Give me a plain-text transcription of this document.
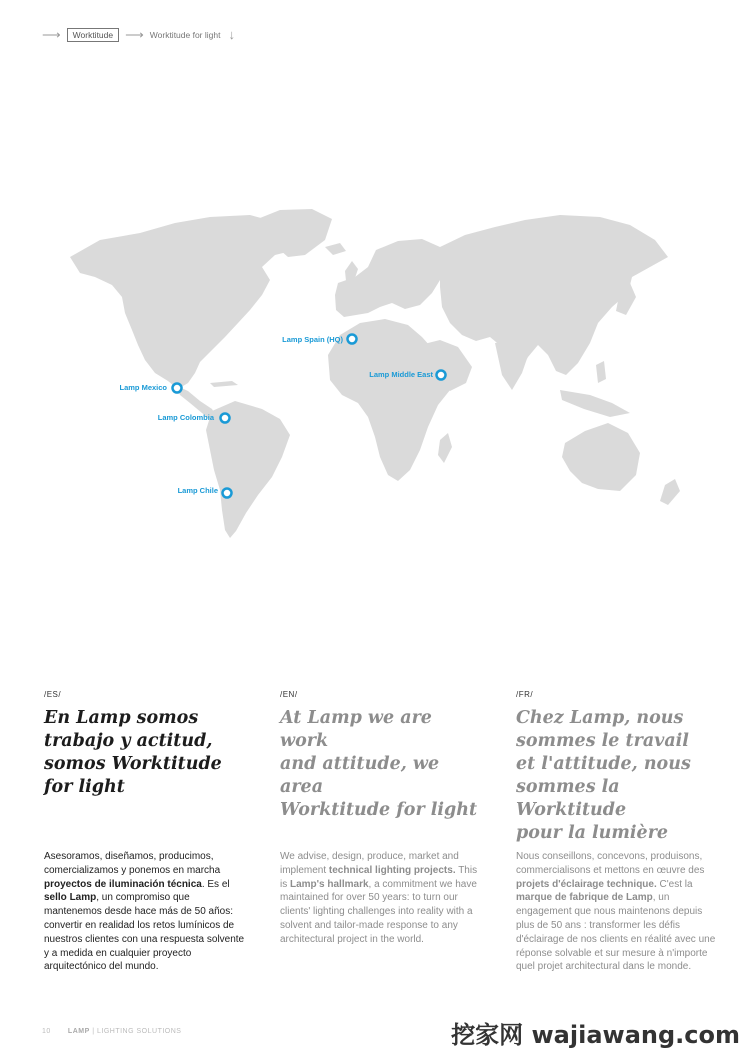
⟶	Worktitude ⟶ Worktitude for light ↓
Lamp Spain (HQ)
Lamp Middle East
Lamp Mexico
Lamp Colombia
Lamp Chile
/ES/
En Lamp somos
trabajo y actitud,
somos Worktitude
for light
Asesoramos, diseñamos, producimos, comercializamos y ponemos en marcha proyectos de iluminación técnica. Es el sello Lamp, un compromiso que mantenemos desde hace más de 50 años: convertir en realidad los retos lumínicos de nuestros clientes con una respuesta solvente y a medida en cualquier proyecto arquitectónico del mundo.
/EN/
At Lamp we are work
and attitude, we area
Worktitude for light
We advise, design, produce, market and implement technical lighting projects. This is Lamp's hallmark, a commitment we have maintained for over 50 years: to turn our clients' lighting challenges into reality with a solvent and tailor-made response to any architectural project in the world.
/FR/
Chez Lamp, nous
sommes le travail
et l'attitude, nous
sommes la Worktitude
pour la lumière
Nous conseillons, concevons, produisons, commercialisons et mettons en œuvre des projets d'éclairage technique. C'est la marque de fabrique de Lamp, un engagement que nous maintenons depuis plus de 50 ans : transformer les défis d'éclairage de nos clients en réalité avec une réponse solvable et sur mesure à n'importe quel projet architectural dans le monde.
10 LAMP | LIGHTING SOLUTIONS	挖家网 wajiawang.com
